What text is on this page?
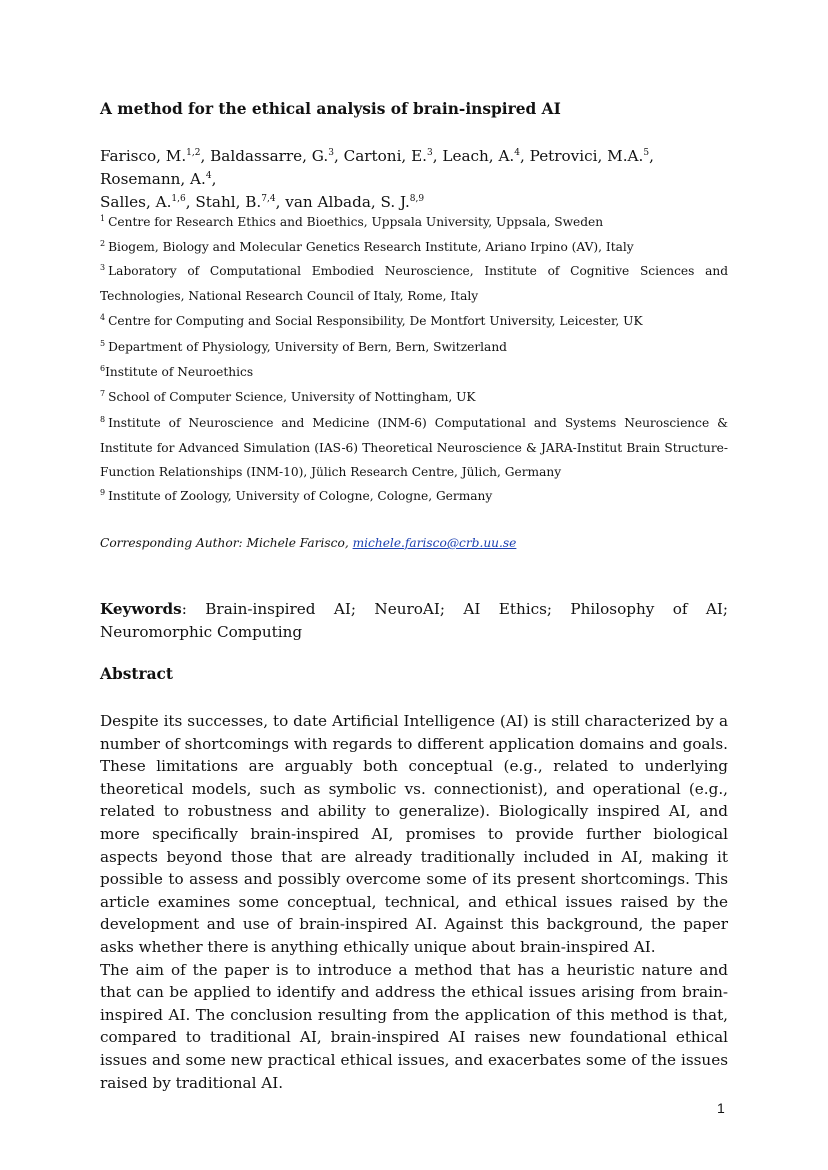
A method for the ethical analysis of brain-inspired AI

Farisco, M.$^{1,2}$, Baldassarre, G.$^3$, Cartoni, E.$^3$, Leach, A.$^4$, Petrovici, M.A.$^5$, Rosemann, A.$^4$,
Salles, A.$^{1,6}$, Stahl, B.$^{7,4}$, van Albada, S. J.$^{8,9}$

$^1$ Centre for Research Ethics and Bioethics, Uppsala University, Uppsala, Sweden

$^2$ Biogem, Biology and Molecular Genetics Research Institute, Ariano Irpino (AV), Italy

$^3$ Laboratory of Computational Embodied Neuroscience, Institute of Cognitive Sciences and Technologies, National Research Council of Italy, Rome, Italy

$^4$ Centre for Computing and Social Responsibility, De Montfort University, Leicester, UK

$^5$ Department of Physiology, University of Bern, Bern, Switzerland

$^6$Institute of Neuroethics

$^7$ School of Computer Science, University of Nottingham, UK

$^8$ Institute of Neuroscience and Medicine (INM-6) Computational and Systems Neuroscience & Institute for Advanced Simulation (IAS-6) Theoretical Neuroscience & JARA-Institut Brain Structure-Function Relationships (INM-10), Jülich Research Centre, Jülich, Germany

$^9$ Institute of Zoology, University of Cologne, Cologne, Germany

Corresponding Author: Michele Farisco, michele.farisco@crb.uu.se

Keywords: Brain-inspired AI; NeuroAI; AI Ethics; Philosophy of AI; Neuromorphic Computing

Abstract

Despite its successes, to date Artificial Intelligence (AI) is still characterized by a number of shortcomings with regards to different application domains and goals. These limitations are arguably both conceptual (e.g., related to underlying theoretical models, such as symbolic vs. connectionist), and operational (e.g., related to robustness and ability to generalize). Biologically inspired AI, and more specifically brain-inspired AI, promises to provide further biological aspects beyond those that are already traditionally included in AI, making it possible to assess and possibly overcome some of its present shortcomings. This article examines some conceptual, technical, and ethical issues raised by the development and use of brain-inspired AI. Against this background, the paper asks whether there is anything ethically unique about brain-inspired AI.

The aim of the paper is to introduce a method that has a heuristic nature and that can be applied to identify and address the ethical issues arising from brain-inspired AI. The conclusion resulting from the application of this method is that, compared to traditional AI, brain-inspired AI raises new foundational ethical issues and some new practical ethical issues, and exacerbates some of the issues raised by traditional AI.

1
